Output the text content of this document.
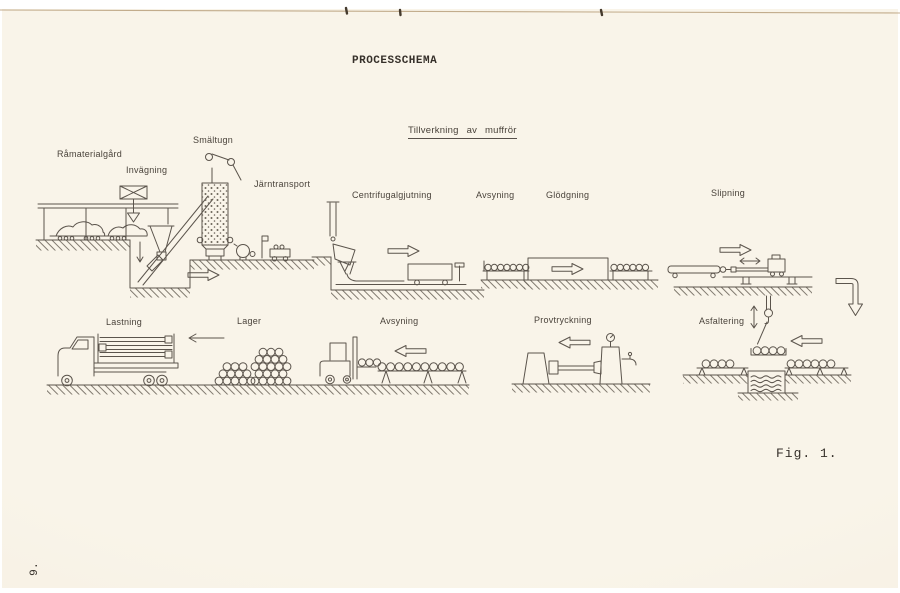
PROCESSCHEMA
Tillverkning av muffrör
Fig. 1.
9.
Råmaterialgård
Invägning
Smältugn
Järntransport
Centrifugalgjutning	Avsyning	Glödgning	Slipning
Lastning	Lager	Avsyning	Provtryckning	Asfaltering
